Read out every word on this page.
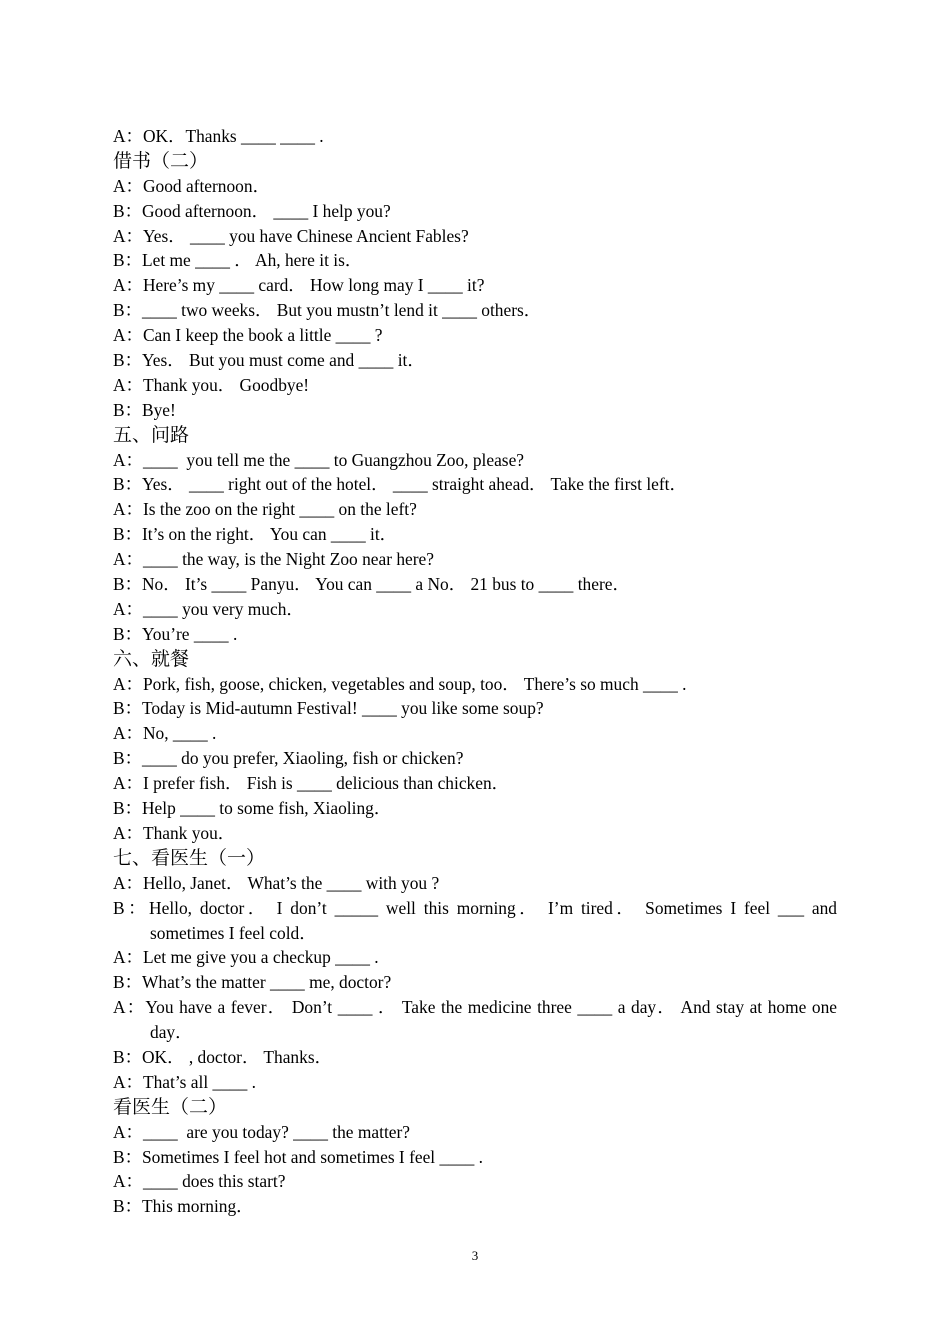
A：OK．Thanks ____ ____ .
借书（二）
A：Good afternoon．
B：Good afternoon． ____ I help you?
A：Yes． ____ you have Chinese Ancient Fables?
B：Let me ____ ． Ah, here it is．
A：Here’s my ____ card． How long may I ____ it?
B：____ two weeks． But you mustn’t lend it ____ others．
A：Can I keep the book a little ____ ?
B：Yes． But you must come and ____ it．
A：Thank you． Goodbye!
B：Bye!
五、问路
A：____  you tell me the ____ to Guangzhou Zoo, please?
B：Yes． ____ right out of the hotel． ____ straight ahead． Take the first left．
A：Is the zoo on the right ____ on the left?
B：It’s on the right． You can ____ it．
A：____ the way, is the Night Zoo near here?
B：No． It’s ____ Panyu． You can ____ a No． 21 bus to ____ there．
A：____ you very much．
B：You’re ____ .
六、就餐
A：Pork, fish, goose, chicken, vegetables and soup, too． There’s so much ____ .
B：Today is Mid-autumn Festival! ____ you like some soup?
A：No, ____ .
B：____ do you prefer, Xiaoling, fish or chicken?
A：I prefer fish． Fish is ____ delicious than chicken．
B：Help ____ to some fish, Xiaoling．
A：Thank you．
七、看医生（一）
A：Hello, Janet． What’s the ____ with you ?
B：Hello, doctor． I don’t _____ well this morning． I’m tired． Sometimes I feel ___ and sometimes I feel cold．
A：Let me give you a checkup ____ .
B：What’s the matter ____ me, doctor?
A：You have a fever． Don’t ____ ． Take the medicine three ____ a day． And stay at home one day．
B：OK． , doctor． Thanks．
A：That’s all ____ .
看医生（二）
A：____  are you today? ____ the matter?
B：Sometimes I feel hot and sometimes I feel ____ .
A：____ does this start?
B：This morning．
3
